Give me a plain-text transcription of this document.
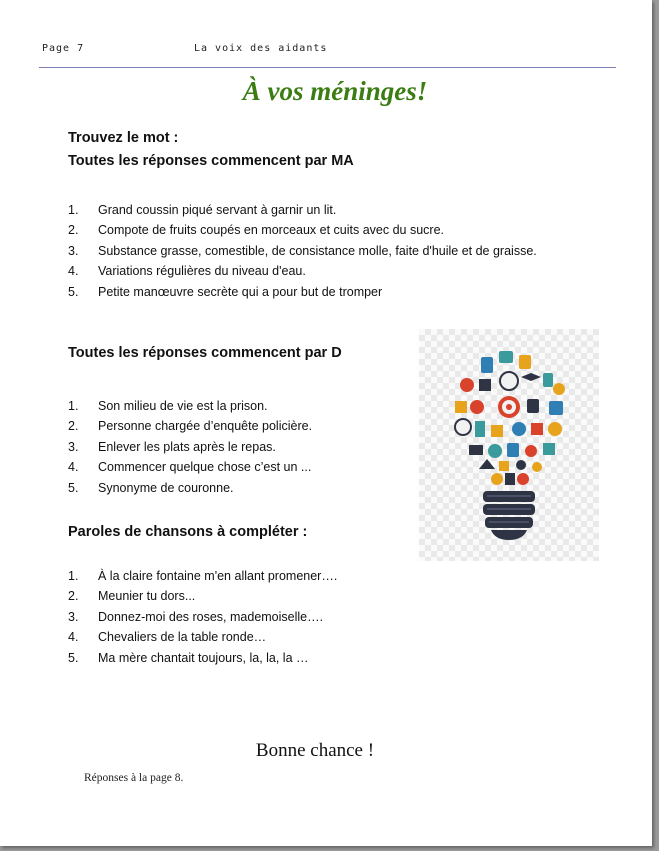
Page 7	La voix des aidants
À vos méninges!
Trouvez le mot :
Toutes les réponses commencent par MA
1. Grand coussin piqué servant à garnir un lit.
2. Compote de fruits coupés en morceaux et cuits avec du sucre.
3. Substance grasse, comestible, de consistance molle, faite d'huile et de graisse.
4. Variations régulières du niveau d'eau.
5. Petite manœuvre secrète qui a pour but de tromper
Toutes les réponses commencent par D
1. Son milieu de vie est la prison.
2. Personne chargée d’enquête policière.
3. Enlever les plats après le repas.
4. Commencer quelque chose c’est un ...
5. Synonyme de couronne.
Paroles de chansons à compléter :
1. À la claire fontaine m'en allant promener….
2. Meunier tu dors...
3. Donnez-moi des roses, mademoiselle….
4. Chevaliers de la table ronde…
5. Ma mère chantait toujours, la, la, la …
Bonne chance !
Réponses à la page 8.
